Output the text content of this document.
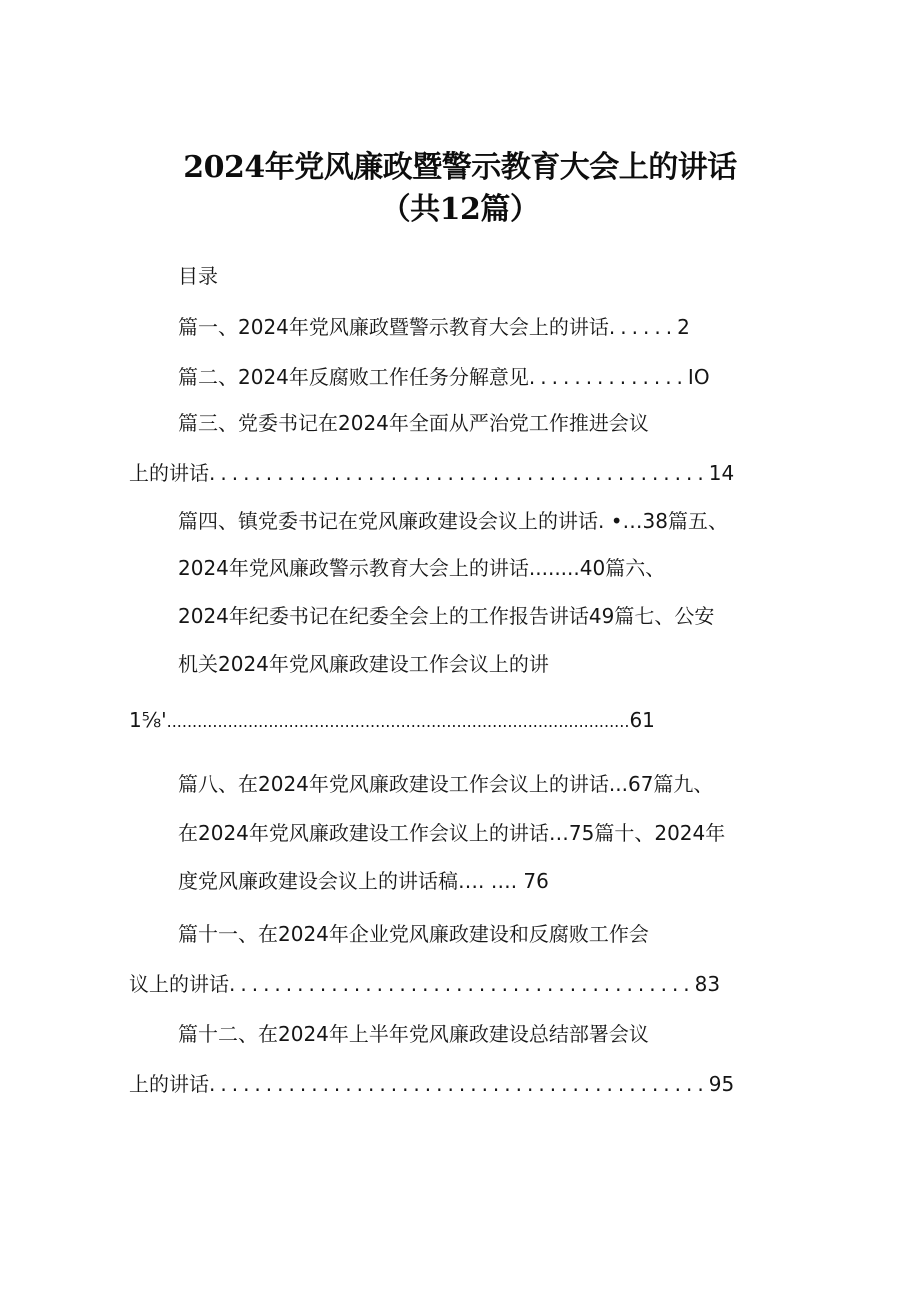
2024年党风廉政暨警示教育大会上的讲话
（共12篇）
目录
篇一、2024年党风廉政暨警示教育大会上的讲话 ...... 2
篇二、2024年反腐败工作任务分解意见 .............. IO
篇三、党委书记在2024年全面从严治党工作推进会议
上的讲话 ............................................ 14
篇四、镇党委书记在党风廉政建设会议上的讲话. •…38篇五、
2024年党风廉政警示教育大会上的讲话........40篇六、
2024年纪委书记在纪委全会上的工作报告讲话49篇七、公安
机关2024年党风廉政建设工作会议上的讲
1⅝' ........................................................................................... 61
篇八、在2024年党风廉政建设工作会议上的讲话...67篇九、
在2024年党风廉政建设工作会议上的讲话…75篇十、2024年
度党风廉政建设会议上的讲话稿…. …. 76
篇十一、在2024年企业党风廉政建设和反腐败工作会
议上的讲话 ......................................... 83
篇十二、在2024年上半年党风廉政建设总结部署会议
上的讲话 ............................................ 95
